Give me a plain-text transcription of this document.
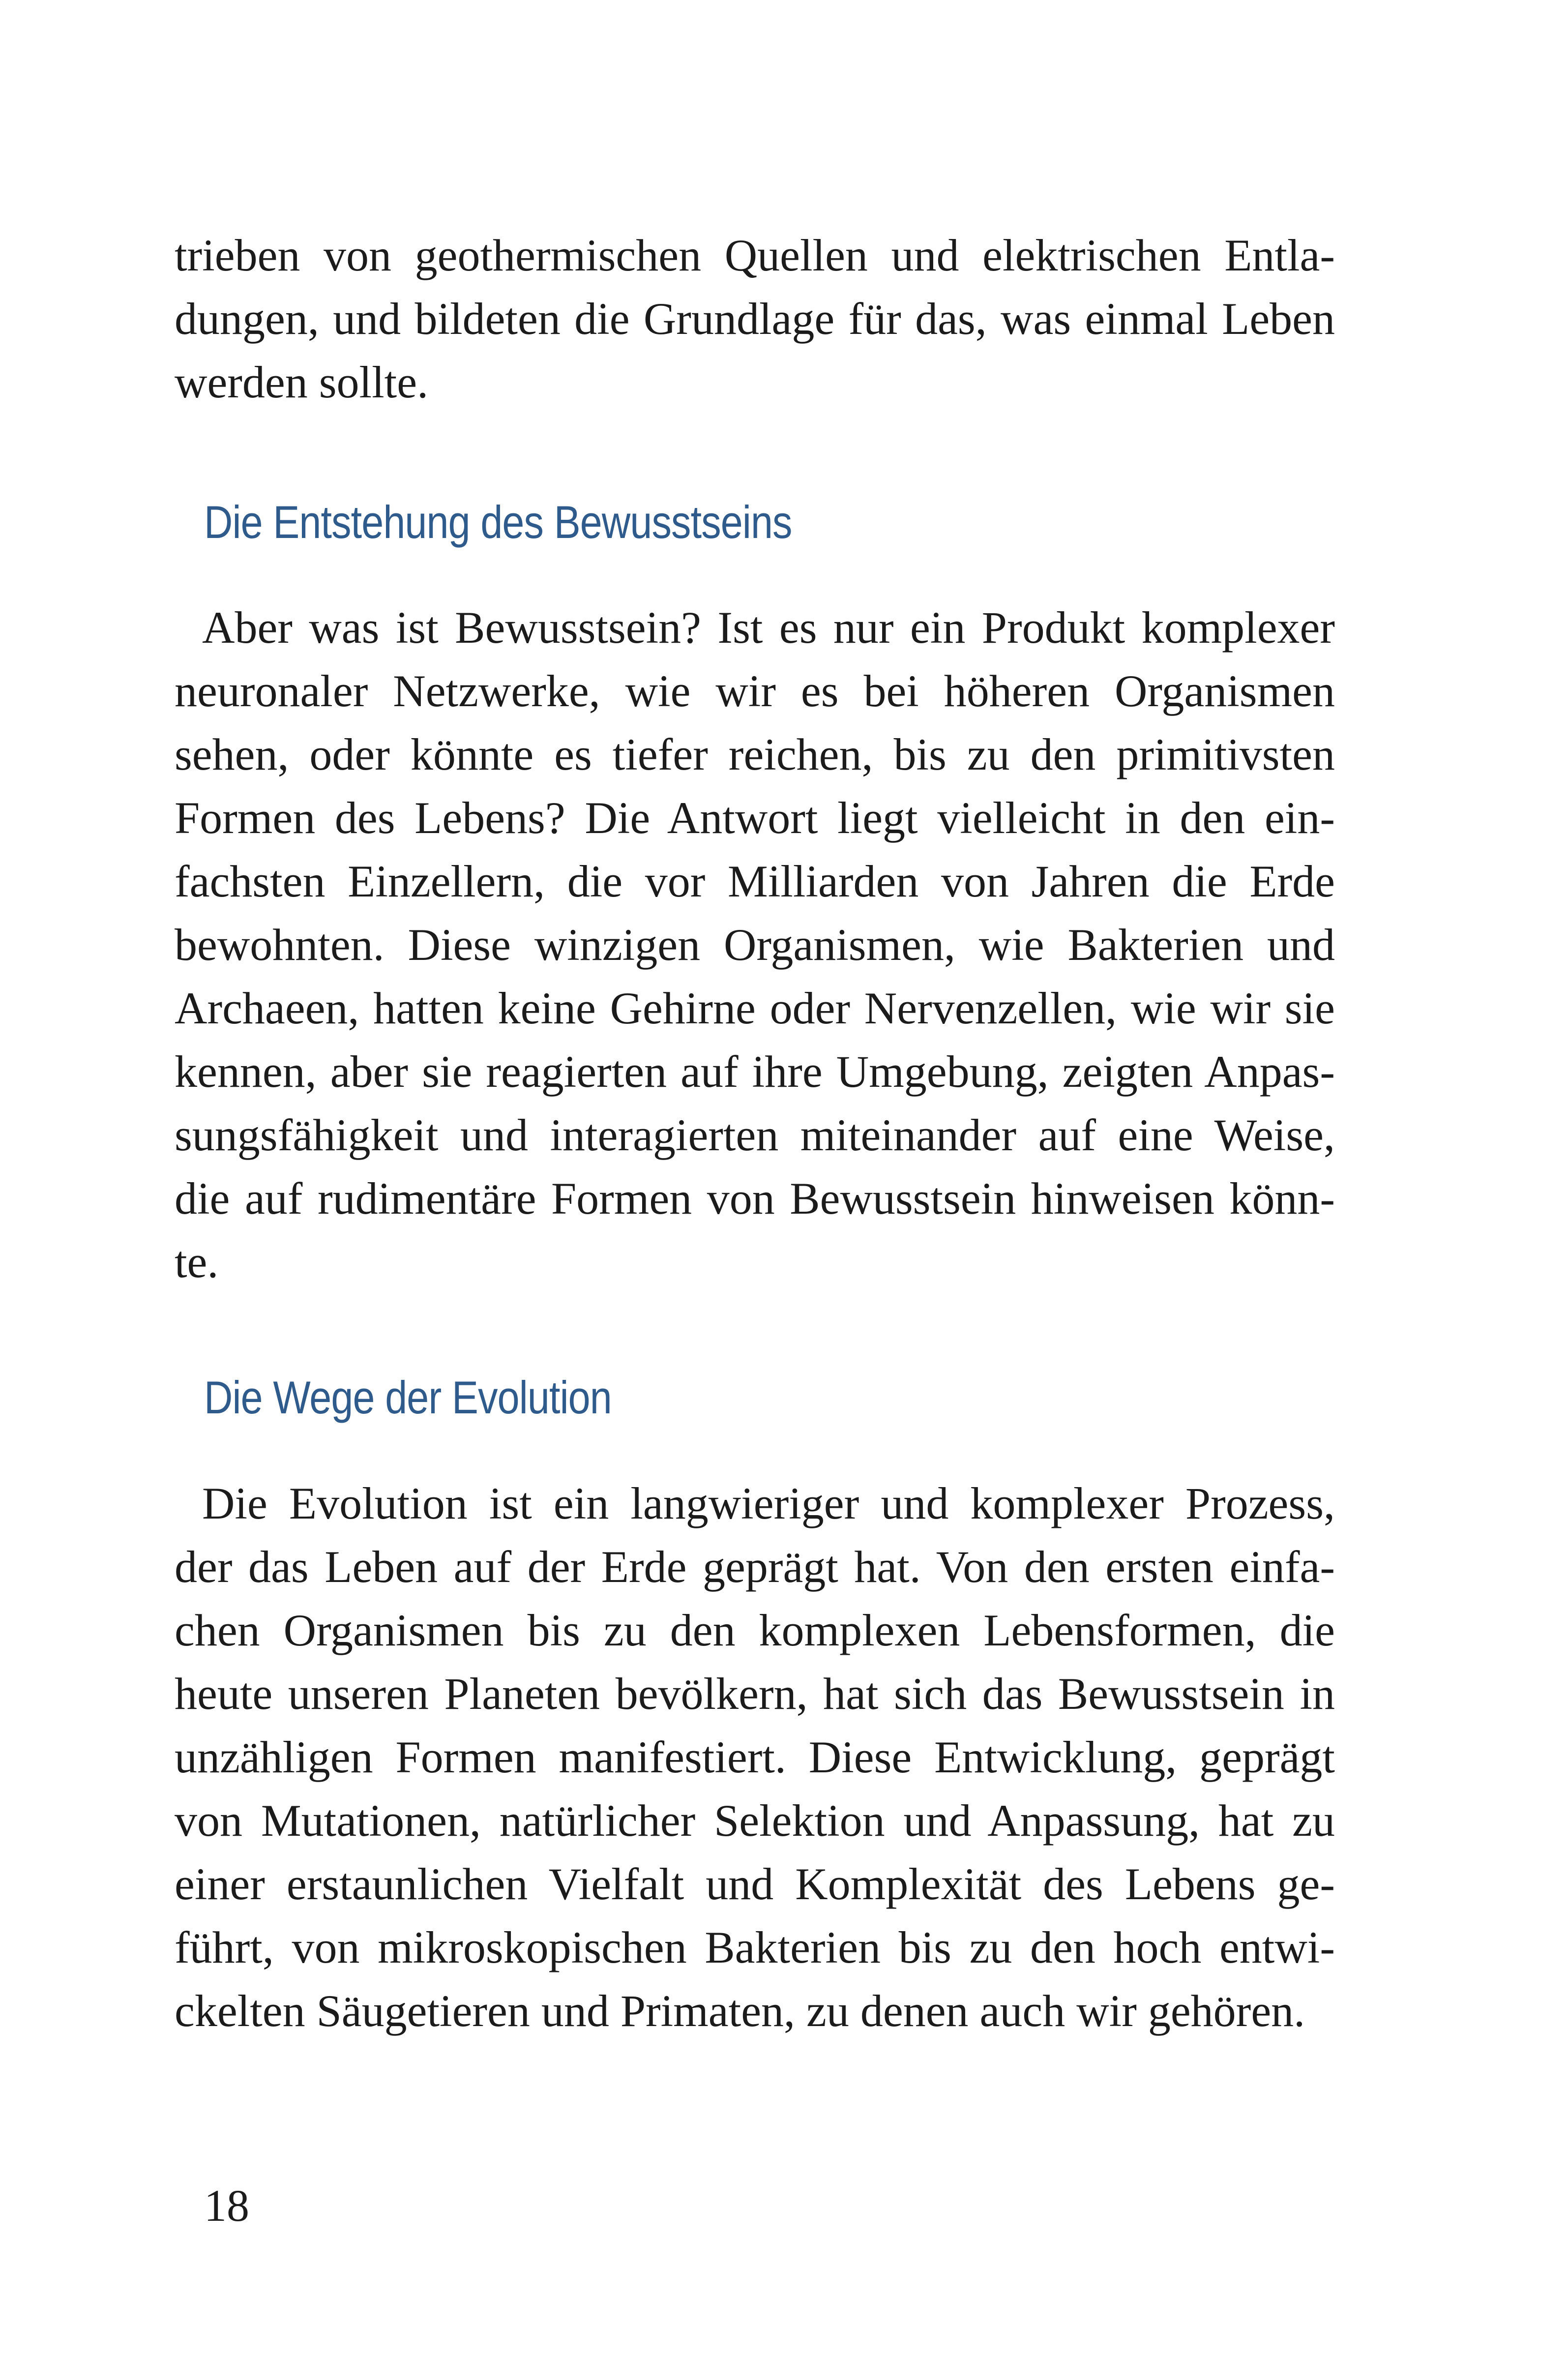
trieben von geothermischen Quellen und elektrischen Entla-

dungen, und bildeten die Grundlage für das, was einmal Leben

werden sollte.

Die Entstehung des Bewusstseins

Aber was ist Bewusstsein? Ist es nur ein Produkt komplexer

neuronaler Netzwerke, wie wir es bei höheren Organismen

sehen, oder könnte es tiefer reichen, bis zu den primitivsten

Formen des Lebens? Die Antwort liegt vielleicht in den ein-

fachsten Einzellern, die vor Milliarden von Jahren die Erde

bewohnten. Diese winzigen Organismen, wie Bakterien und

Archaeen, hatten keine Gehirne oder Nervenzellen, wie wir sie

kennen, aber sie reagierten auf ihre Umgebung, zeigten Anpas-

sungsfähigkeit und interagierten miteinander auf eine Weise,

die auf rudimentäre Formen von Bewusstsein hinweisen könn-

te.

Die Wege der Evolution

Die Evolution ist ein langwieriger und komplexer Prozess,

der das Leben auf der Erde geprägt hat. Von den ersten einfa-

chen Organismen bis zu den komplexen Lebensformen, die

heute unseren Planeten bevölkern, hat sich das Bewusstsein in

unzähligen Formen manifestiert. Diese Entwicklung, geprägt

von Mutationen, natürlicher Selektion und Anpassung, hat zu

einer erstaunlichen Vielfalt und Komplexität des Lebens ge-

führt, von mikroskopischen Bakterien bis zu den hoch entwi-

ckelten Säugetieren und Primaten, zu denen auch wir gehören.

18
